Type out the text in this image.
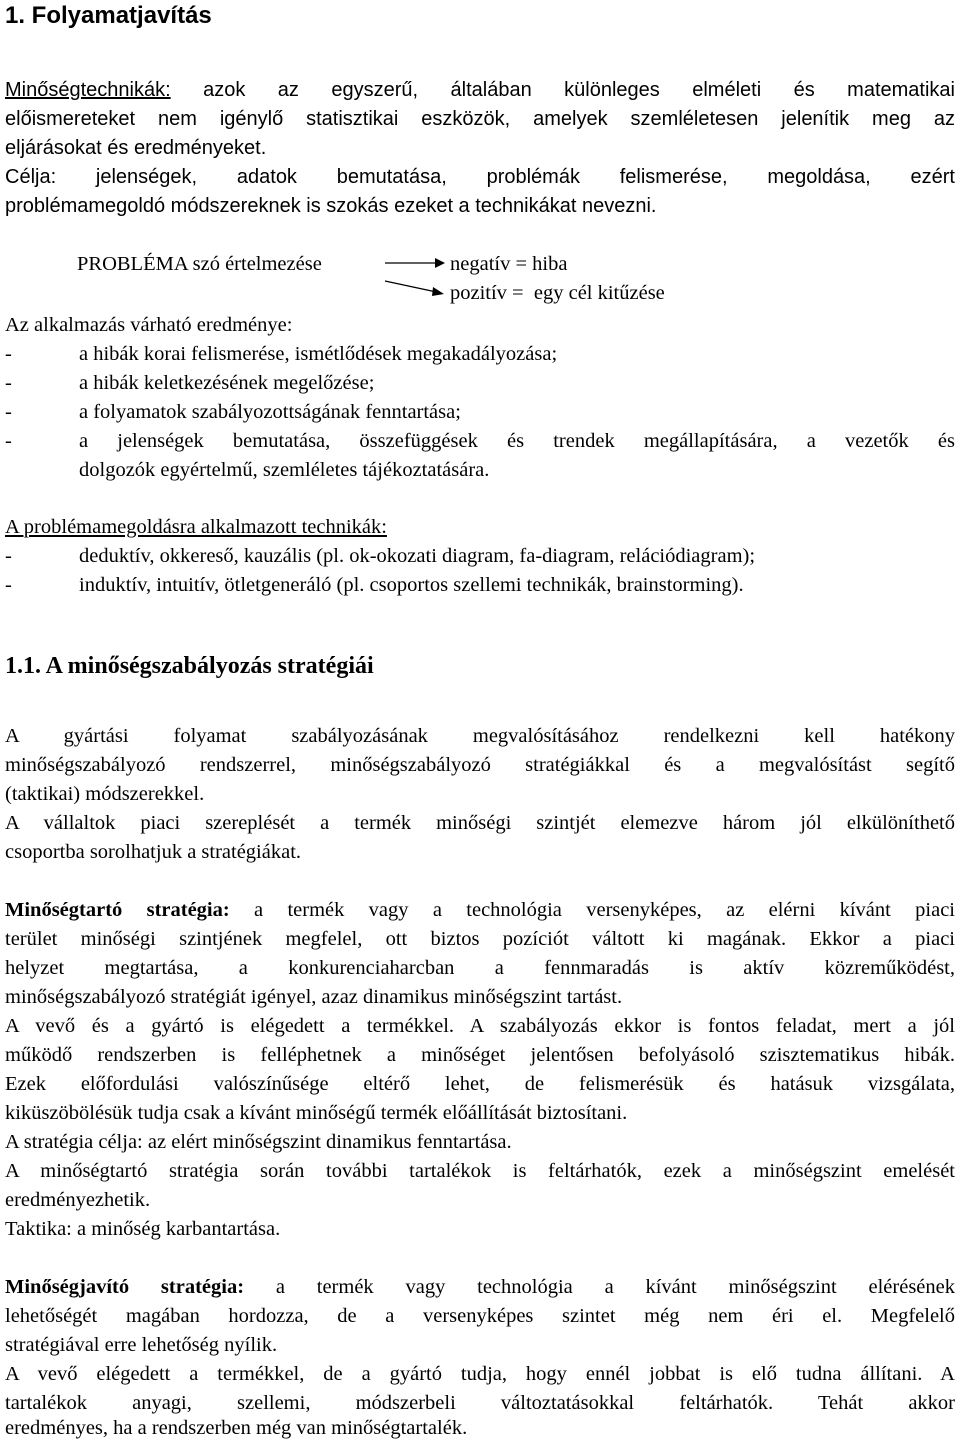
1. Folyamatjavítás
Minőségtechnikák: azok az egyszerű, általában különleges elméleti és matematikai
előismereteket nem igénylő statisztikai eszközök, amelyek szemléletesen jelenítik meg az
eljárásokat és eredményeket.
Célja: jelenségek, adatok bemutatása, problémák felismerése, megoldása, ezért
problémamegoldó módszereknek is szokás ezeket a technikákat nevezni.
PROBLÉMA szó értelmezése	negatív = hiba
pozitív =  egy cél kitűzése
Az alkalmazás várható eredménye:
-	a hibák korai felismerése, ismétlődések megakadályozása;
-	a hibák keletkezésének megelőzése;
-	a folyamatok szabályozottságának fenntartása;
-	a jelenségek bemutatása, összefüggések és trendek megállapítására, a vezetők és
dolgozók egyértelmű, szemléletes tájékoztatására.
A problémamegoldásra alkalmazott technikák:
-	deduktív, okkereső, kauzális (pl. ok-okozati diagram, fa-diagram, relációdiagram);
-	induktív, intuitív, ötletgeneráló (pl. csoportos szellemi technikák, brainstorming).
1.1. A minőségszabályozás stratégiái
A gyártási folyamat szabályozásának megvalósításához rendelkezni kell hatékony
minőségszabályozó rendszerrel, minőségszabályozó stratégiákkal és a megvalósítást segítő
(taktikai) módszerekkel.
A vállaltok piaci szereplését a termék minőségi szintjét elemezve három jól elkülöníthető
csoportba sorolhatjuk a stratégiákat.
Minőségtartó stratégia: a termék vagy a technológia versenyképes, az elérni kívánt piaci
terület minőségi szintjének megfelel, ott biztos pozíciót váltott ki magának. Ekkor a piaci
helyzet megtartása, a konkurenciaharcban a fennmaradás is aktív közreműködést,
minőségszabályozó stratégiát igényel, azaz dinamikus minőségszint tartást.
A vevő és a gyártó is elégedett a termékkel. A szabályozás ekkor is fontos feladat, mert a jól
működő rendszerben is felléphetnek a minőséget jelentősen befolyásoló szisztematikus hibák.
Ezek előfordulási valószínűsége eltérő lehet, de felismerésük és hatásuk vizsgálata,
kiküszöbölésük tudja csak a kívánt minőségű termék előállítását biztosítani.
A stratégia célja: az elért minőségszint dinamikus fenntartása.
A minőségtartó stratégia során további tartalékok is feltárhatók, ezek a minőségszint emelését
eredményezhetik.
Taktika: a minőség karbantartása.
Minőségjavító stratégia: a termék vagy technológia a kívánt minőségszint elérésének
lehetőségét magában hordozza, de a versenyképes szintet még nem éri el. Megfelelő
stratégiával erre lehetőség nyílik.
A vevő elégedett a termékkel, de a gyártó tudja, hogy ennél jobbat is elő tudna állítani. A
tartalékok anyagi, szellemi, módszerbeli változtatásokkal feltárhatók. Tehát akkor
eredményes, ha a rendszerben még van minőségtartalék.
